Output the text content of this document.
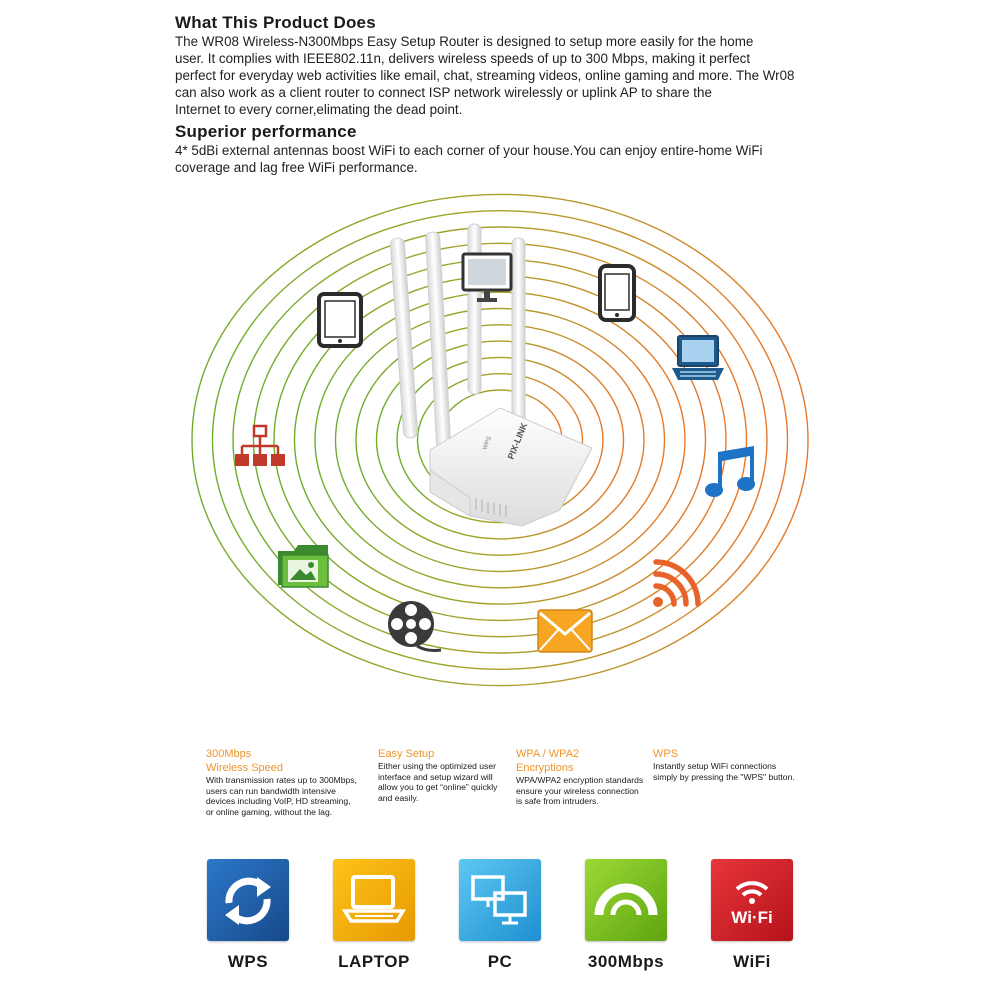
What This Product Does

The WR08 Wireless-N300Mbps Easy Setup Router is designed to setup more easily for the home
user. It complies with IEEE802.11n, delivers wireless speeds of up to 300 Mbps, making it perfect
perfect for everyday web activities like email, chat, streaming videos, online gaming and more. The Wr08
can also work as a client router to connect ISP network wirelessly or uplink AP to share the
Internet to every corner,elimating the dead point.

Superior performance

4* 5dBi external antennas boost WiFi to each corner of your house.You can enjoy entire-home WiFi
coverage and lag free WiFi performance.

PIX-LINK
WPS
300Mbps
Wireless Speed
With transmission rates up to 300Mbps,
users can run bandwidth intensive
devices including VoIP, HD streaming,
or online gaming, without the lag.
Easy Setup
Either using the optimized user
interface and setup wizard will
allow you to get “online” quickly
and easily.
WPA / WPA2
Encryptions
WPA/WPA2 encryption standards
ensure your wireless connection
is safe from intruders.
WPS
Instantly setup WiFi connections
simply by pressing the "WPS" button.
Wi·Fi
WPS	LAPTOP	PC	300Mbps	WiFi
